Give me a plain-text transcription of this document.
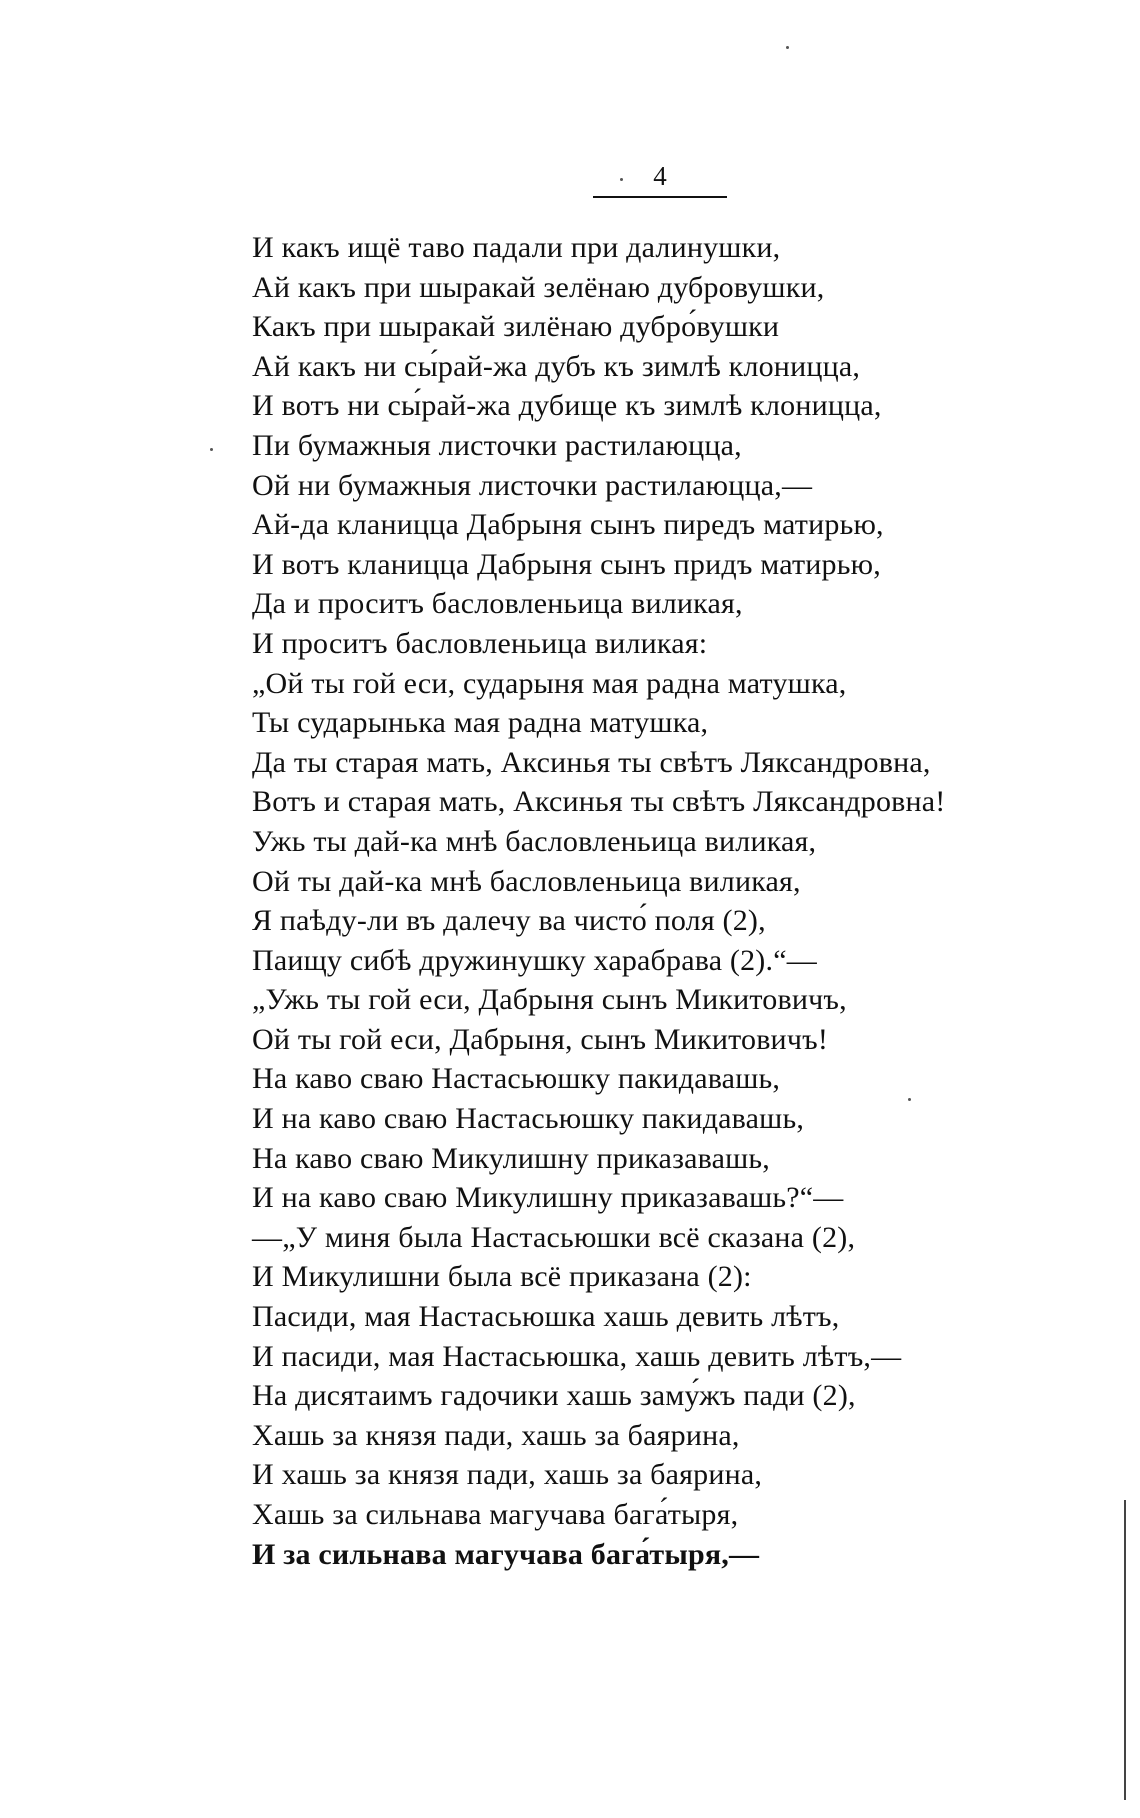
4
И какъ ищё таво падали при далинушки,
Ай какъ при шыракай зелёнаю дубровушки,
Какъ при шыракай зилёнаю дубро́вушки
Ай какъ ни сы́рай-жа дубъ къ зимлѣ клоницца,
И вотъ ни сы́рай-жа дубище къ зимлѣ клоницца,
Пи бумажныя листочки растилаюцца,
Ой ни бумажныя листочки растилаюцца,—
Ай-да кланицца Дабрыня сынъ пиредъ матирью,
И вотъ кланицца Дабрыня сынъ придъ матирью,
Да и проситъ басловленьица виликая,
И проситъ басловленьица виликая:
„Ой ты гой еси, сударыня мая радна матушка,
Ты сударынька мая радна матушка,
Да ты старая мать, Аксинья ты свѣтъ Ляксандровна,
Вотъ и старая мать, Аксинья ты свѣтъ Ляксандровна!
Ужь ты дай-ка мнѣ басловленьица виликая,
Ой ты дай-ка мнѣ басловленьица виликая,
Я паѣду-ли въ далечу ва чисто́ поля (2),
Паищу сибѣ дружинушку харабрава (2).“—
„Ужь ты гой еси, Дабрыня сынъ Микитовичъ,
Ой ты гой еси, Дабрыня, сынъ Микитовичъ!
На каво сваю Настасьюшку пакидавашь,
И на каво сваю Настасьюшку пакидавашь,
На каво сваю Микулишну приказавашь,
И на каво сваю Микулишну приказавашь?“—
—„У миня была Настасьюшки всё сказана (2),
И Микулишни была всё приказана (2):
Пасиди, мая Настасьюшка хашь девить лѣтъ,
И пасиди, мая Настасьюшка, хашь девить лѣтъ,—
На дисятаимъ гадочики хашь заму́жъ пади (2),
Хашь за князя пади, хашь за баярина,
И хашь за князя пади, хашь за баярина,
Хашь за сильнава магучава бага́тыря,
И за сильнава магучава бага́тыря,—
